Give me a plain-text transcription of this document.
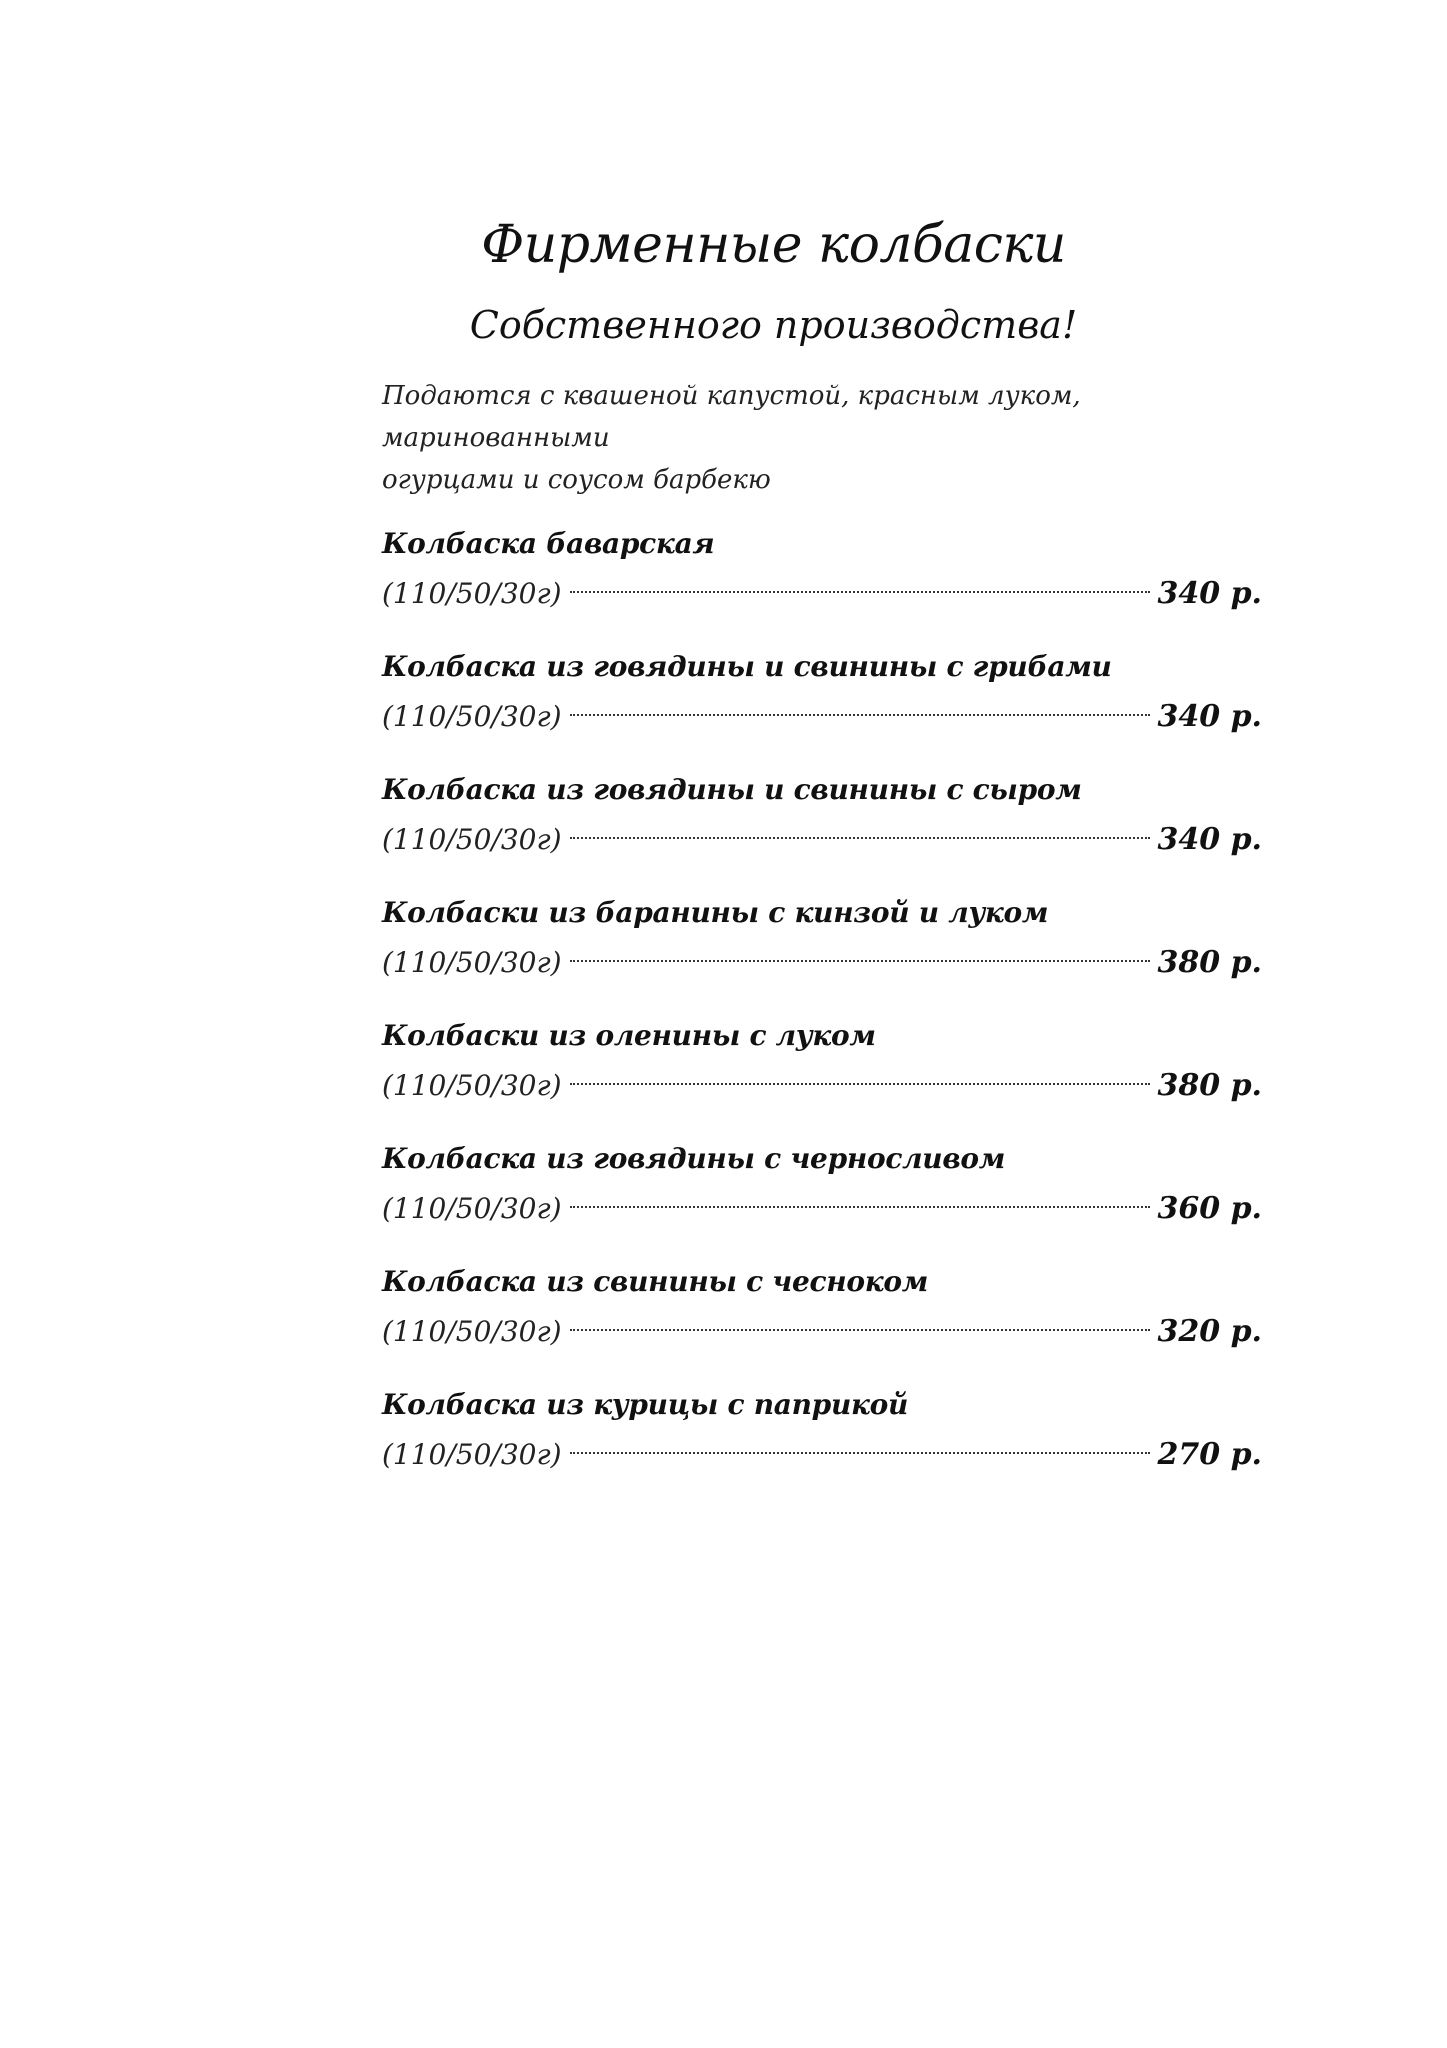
Фирменные колбаски
Собственного производства!
Подаются с квашеной капустой, красным луком, маринованными
огурцами и соусом барбекю
Колбаска баварская
(110/50/30г)	340 р.
Колбаска из говядины и свинины с грибами
(110/50/30г)	340 р.
Колбаска из говядины и свинины с сыром
(110/50/30г)	340 р.
Колбаски из баранины с кинзой и луком
(110/50/30г)	380 р.
Колбаски из оленины с луком
(110/50/30г)	380 р.
Колбаска из говядины с черносливом
(110/50/30г)	360 р.
Колбаска из свинины с чесноком
(110/50/30г)	320 р.
Колбаска из курицы с паприкой
(110/50/30г)	270 р.
